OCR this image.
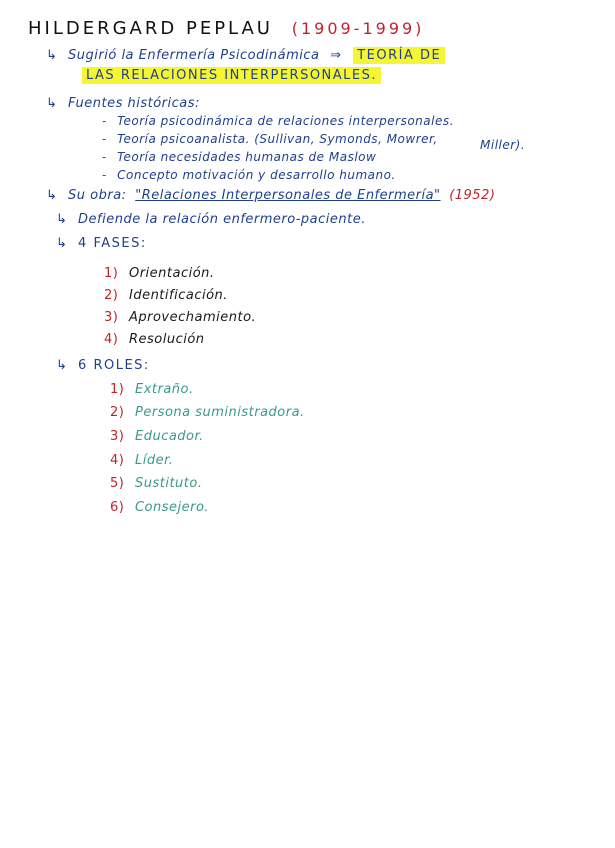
HILDERGARD PEPLAU (1909-1999)
↳ Sugirió la Enfermería Psicodinámica ⇒ TEORÍA DE
LAS RELACIONES INTERPERSONALES.
↳ Fuentes históricas:
- Teoría psicodinámica de relaciones interpersonales.
- Teoría psicoanalista. (Sullivan, Symonds, Mowrer,	Miller).
- Teoría necesidades humanas de Maslow
- Concepto motivación y desarrollo humano.
↳ Su obra: "Relaciones Interpersonales de Enfermería" (1952)
↳ Defiende la relación enfermero-paciente.
↳ 4 FASES:
1) Orientación.
2) Identificación.
3) Aprovechamiento.
4) Resolución
↳ 6 ROLES:
1) Extraño.
2) Persona suministradora.
3) Educador.
4) Líder.
5) Sustituto.
6) Consejero.
